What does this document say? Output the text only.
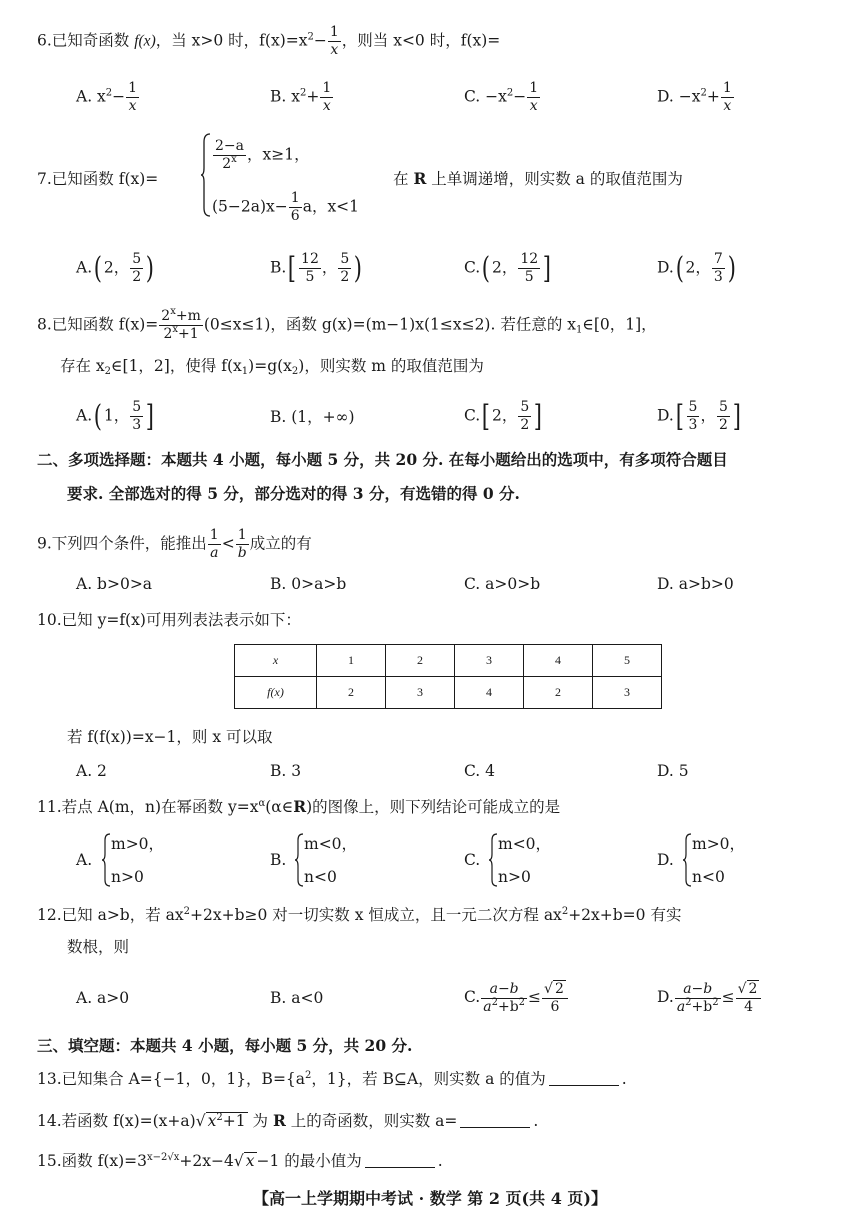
6.已知奇函数 f(x)，当 x>0 时，$f(x)=x^2- \frac{1}{x}$ ，则当 x<0 时，f(x)=
A. $x^2- \frac{1}{x}$	B. $x^2+ \frac{1}{x}$	C. $-x^2- \frac{1}{x}$	D. $-x^2+ \frac{1}{x}$
7.已知函数 f(x)=
$\frac{2-a}{2^x}$ ，x≥1，
$(5-2a)x- \frac{1}{6}$ a，x<1
在 R 上单调递增，则实数 a 的取值范围为
A.( 2， $\frac{5}{2}$ )	$B.[ \frac{12}{5}$ ， $\frac{5}{2}$ )	C.( 2， $\frac{12}{5}$ ]	D.( 2， $\frac{7}{3}$ )
8.已知函数 $f(x)= \frac{2^x+m}{2^x+1} (0\le x\le 1)$，函数 g(x)=(m−1)x(1≤x≤2). 若任意的 $x_1\in[0$，1]，
存在 $x_2\in[1$，2]，使得 $f(x_1)=g(x_2)$，则实数 m 的取值范围为
A.( 1， $\frac{5}{3}$ ]	B. (1，+∞)	C.[ 2， $\frac{5}{2}$ ]	$D.[ \frac{5}{3}$ ， $\frac{5}{2}$ ]
二、多项选择题：本题共 4 小题，每小题 5 分，共 20 分. 在每小题给出的选项中，有多项符合题目
要求. 全部选对的得 5 分，部分选对的得 3 分，有选错的得 0 分.
9.下列四个条件，能推出 $\frac{1}{a} < \frac{1}{b}$ 成立的有
A. b>0>a	B. 0>a>b	C. a>0>b	D. a>b>0
10.已知 y=f(x)可用列表法表示如下：
x	1	2	3	4	5
f(x)	2	3	4	2	3
若 f(f(x))=x−1，则 x 可以取
A. 2	B. 3	C. 4	D. 5
11.若点 A(m，n)在幂函数 $y=x^\alpha(\alpha\in R)$的图像上，则下列结论可能成立的是
A.
m>0，
n>0
B.
m<0，
n<0
C.
m<0，
n>0
D.
m>0，
n<0
12.已知 a>b，若 $ax^2+2x+b\ge 0$ 对一切实数 x 恒成立，且一元二次方程 $ax^2+2x+b=0$ 有实
数根，则
A. a>0	B. a<0	C. $\frac{a-b}{a^2+b^2} \le \frac{√ 2}{6}$	D. $\frac{a-b}{a^2+b^2} \le \frac{√ 2}{4}$
三、填空题：本题共 4 小题，每小题 5 分，共 20 分.
13.已知集合 A={−1，0，1}，$B=\{a^2$，1}，若 B⊆A，则实数 a 的值为	.
14.若函数 f(x)=(x+a)√ $x^2+1$ 为 R 上的奇函数，则实数 a=	.
15.函数 $f(x)=3^{x-2√x}+2x-4√$ x −1 的最小值为	.
【高一上学期期中考试 · 数学 第 2 页(共 4 页)】
